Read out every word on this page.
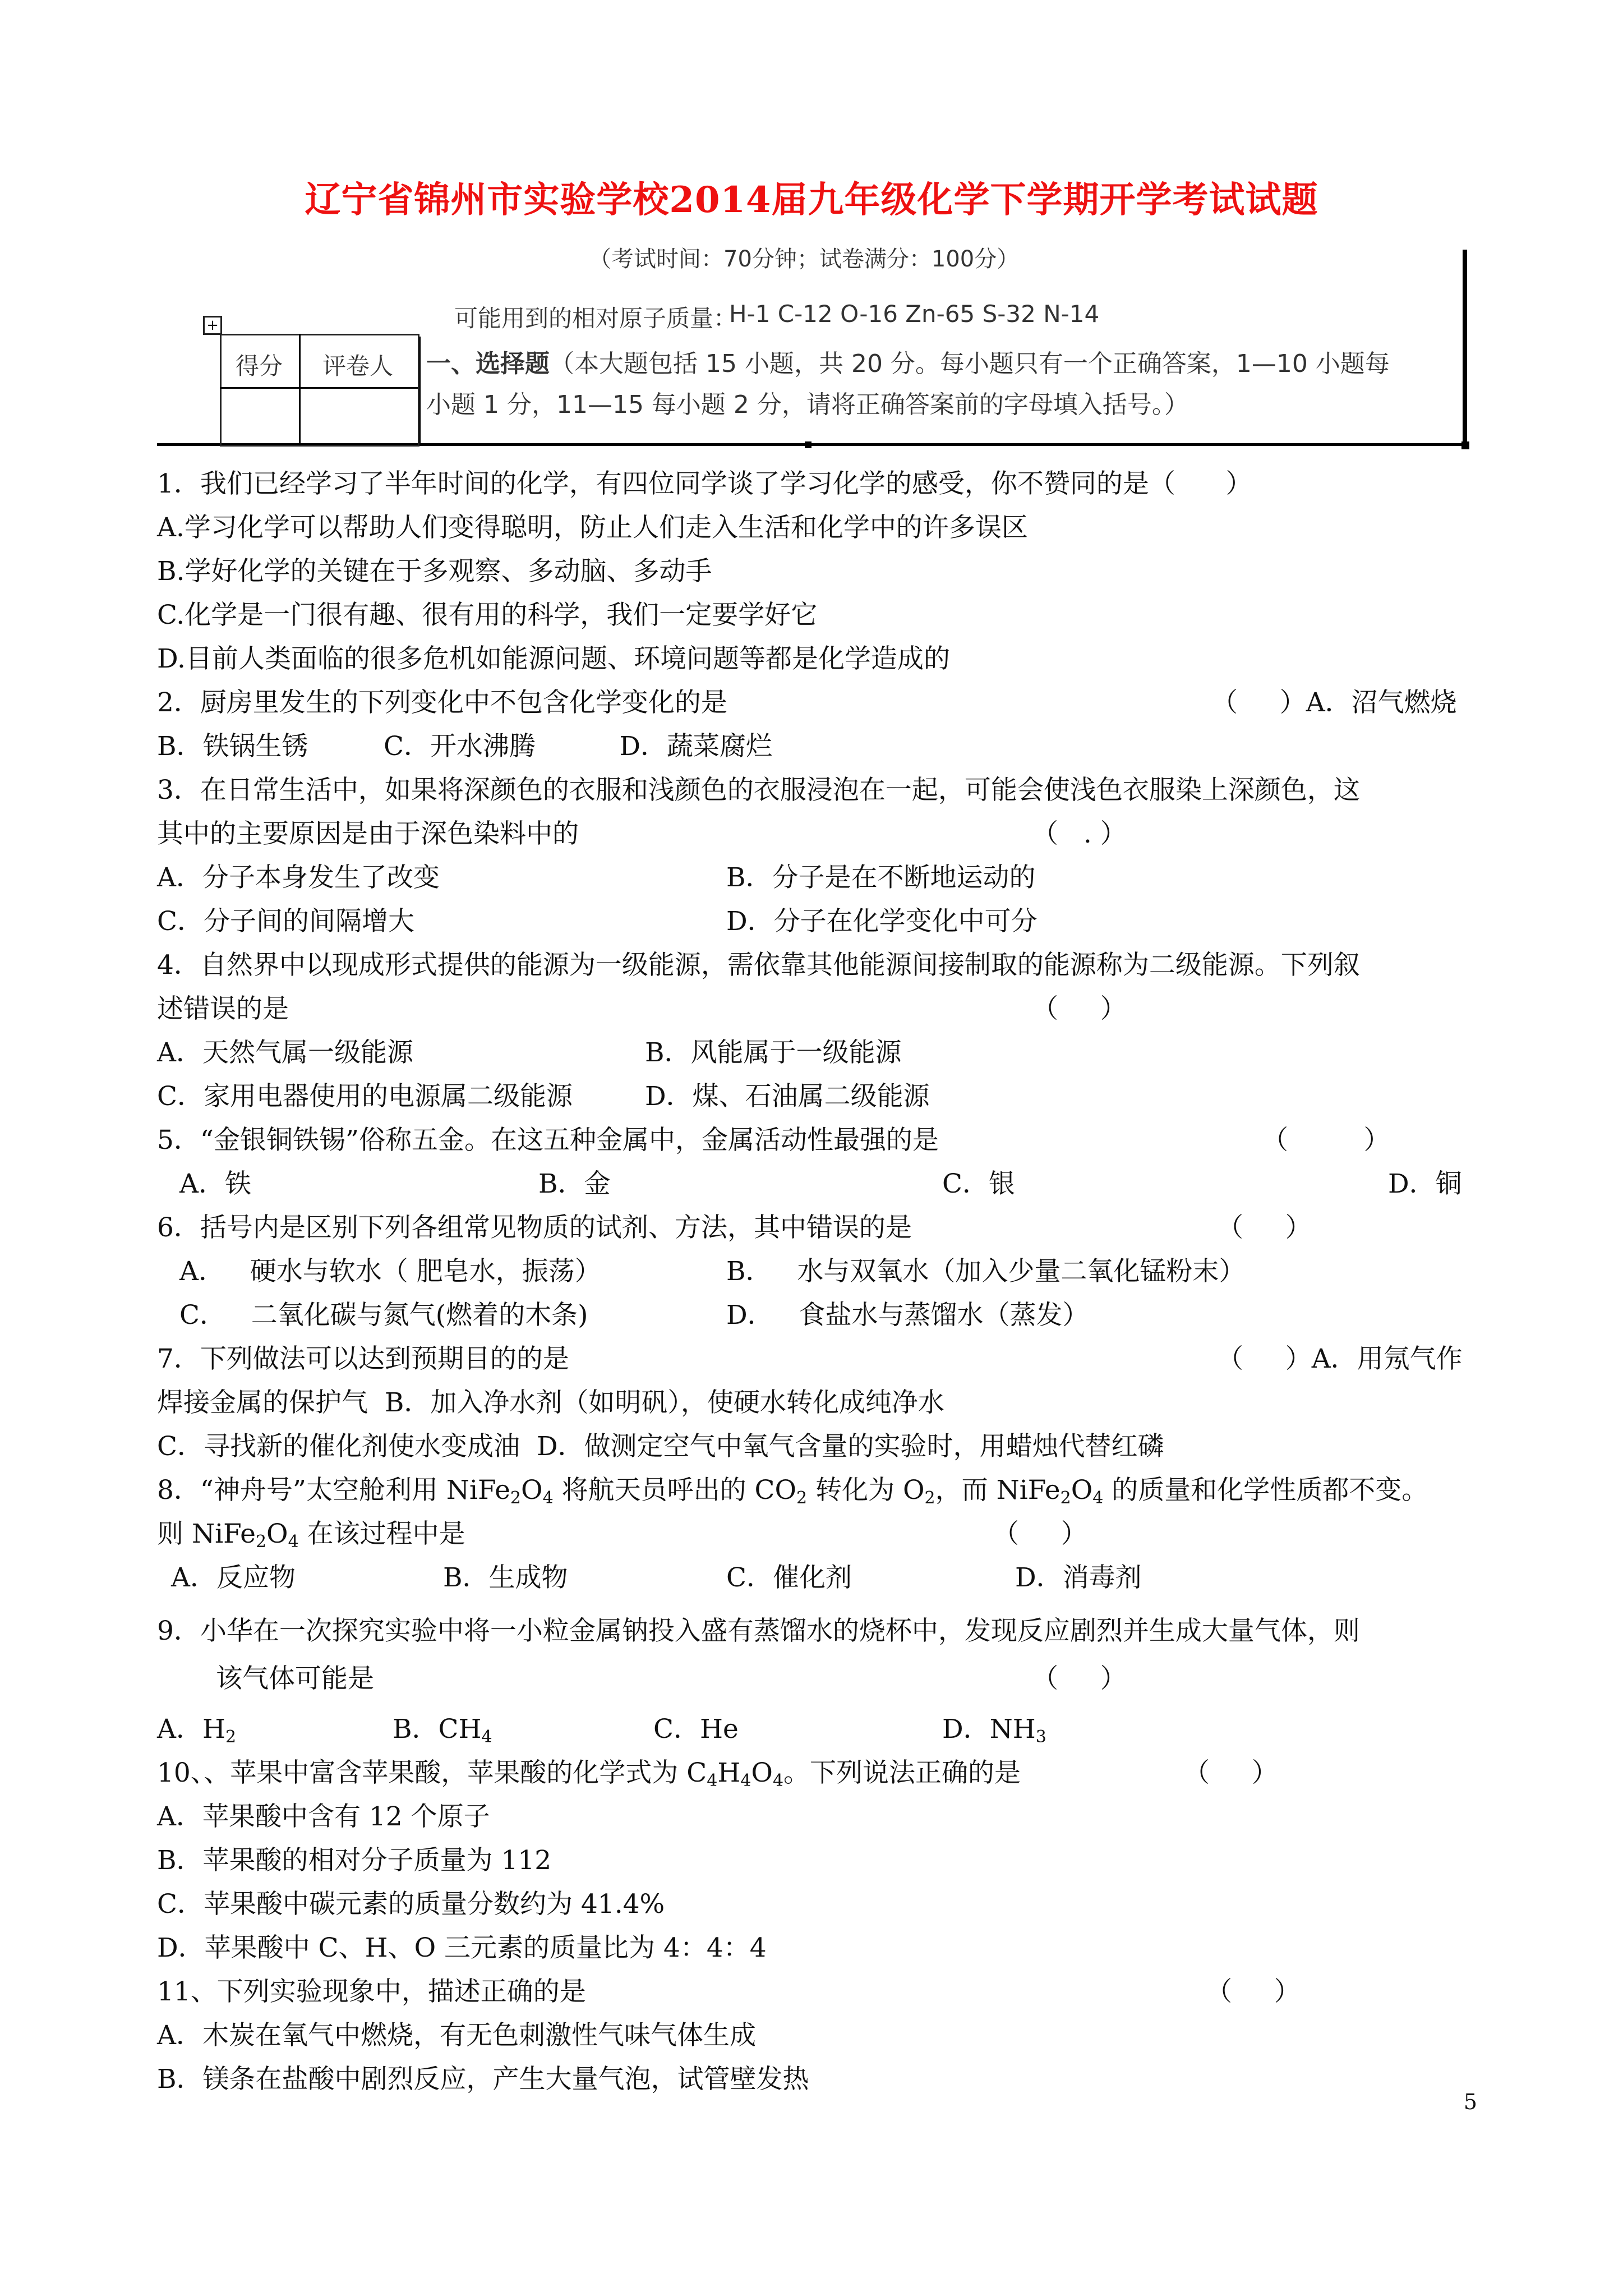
辽宁省锦州市实验学校2014届九年级化学下学期开学考试试题
（考试时间：70分钟；试卷满分：100分）
可能用到的相对原子质量：
H-1 C-12 O-16 Zn-65 S-32 N-14
+
得分 评卷人 一、选择题（本大题包括 15 小题，共 20 分。每小题只有一个正确答案，1—10 小题每
小题 1 分，11—15 每小题 2 分，请将正确答案前的字母填入括号。）
1．我们已经学习了半年时间的化学，有四位同学谈了学习化学的感受，你不赞同的是（      ）
A.学习化学可以帮助人们变得聪明，防止人们走入生活和化学中的许多误区
B.学好化学的关键在于多观察、多动脑、多动手
C.化学是一门很有趣、很有用的科学，我们一定要学好它
D.目前人类面临的很多危机如能源问题、环境问题等都是化学造成的
2．厨房里发生的下列变化中不包含化学变化的是	（     ）A．沼气燃烧
B．铁锅生锈         C．开水沸腾          D．蔬菜腐烂
3．在日常生活中，如果将深颜色的衣服和浅颜色的衣服浸泡在一起，可能会使浅色衣服染上深颜色，这
其中的主要原因是由于深色染料中的	（   . ）
A．分子本身发生了改变	B．分子是在不断地运动的
C．分子间的间隔增大	D．分子在化学变化中可分
4．自然界中以现成形式提供的能源为一级能源，需依靠其他能源间接制取的能源称为二级能源。下列叙
述错误的是	（     ）
A．天然气属一级能源	B．风能属于一级能源
C．家用电器使用的电源属二级能源	D．煤、石油属二级能源
5．“金银铜铁锡”俗称五金。在这五种金属中，金属活动性最强的是	（         ）
A．铁	B．金	C．银	D．铜
6．括号内是区别下列各组常见物质的试剂、方法，其中错误的是	（     ）
A．   硬水与软水（ 肥皂水，振荡）	B．   水与双氧水（加入少量二氧化锰粉末）
C．   二氧化碳与氮气(燃着的木条)	D．   食盐水与蒸馏水（蒸发）
7．下列做法可以达到预期目的的是	（     ）A．用氖气作
焊接金属的保护气  B．加入净水剂（如明矾），使硬水转化成纯净水
C．寻找新的催化剂使水变成油  D．做测定空气中氧气含量的实验时，用蜡烛代替红磷
8．“神舟号”太空舱利用 $NiFe_2O_4$ 将航天员呼出的 $CO_2$ 转化为 $O_2$，而 $NiFe_2O_4$ 的质量和化学性质都不变。
则 $NiFe_2O_4$ 在该过程中是	（     ）
A．反应物	B．生成物	C．催化剂	D．消毒剂
9．小华在一次探究实验中将一小粒金属钠投入盛有蒸馏水的烧杯中，发现反应剧烈并生成大量气体，则
该气体可能是	（     ）
A．$H_2$	B．$CH_4$	C．He	D．$NH_3$
10、、苹果中富含苹果酸，苹果酸的化学式为 $C_4H_4O_4$。下列说法正确的是	（     ）
A．苹果酸中含有 12 个原子
B．苹果酸的相对分子质量为 112
C．苹果酸中碳元素的质量分数约为 41.4%
D．苹果酸中 C、H、O 三元素的质量比为 4：4：4
11、下列实验现象中，描述正确的是	（     ）
A．木炭在氧气中燃烧，有无色刺激性气味气体生成
B．镁条在盐酸中剧烈反应，产生大量气泡，试管壁发热
5
